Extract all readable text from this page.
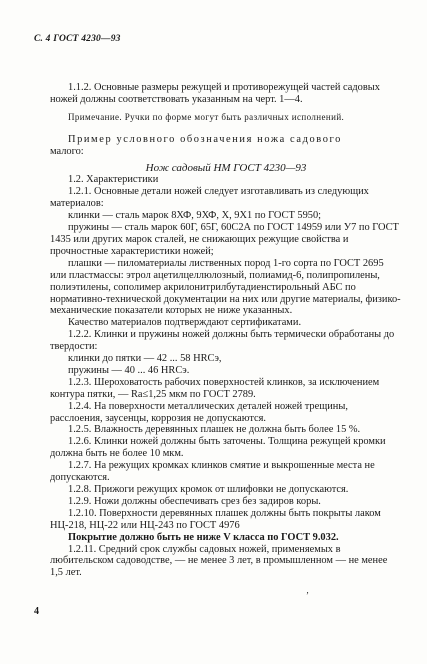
С. 4 ГОСТ 4230—93

1.1.2. Основные размеры режущей и противорежущей частей садовых ножей должны соответствовать указанным на черт. 1—4.

Примечание. Ручки по форме могут быть различных исполнений.

Пример условного обозначения ножа садового

малого:

Нож садовый НМ ГОСТ 4230—93

1.2. Характеристики

1.2.1. Основные детали ножей следует изготавливать из следующих материалов:

клинки — сталь марок 8ХФ, 9ХФ, Х, 9Х1 по ГОСТ 5950;

пружины — сталь марок 60Г, 65Г, 60С2А по ГОСТ 14959 или У7 по ГОСТ 1435 или других марок сталей, не снижающих режущие свойства и прочностные характеристики ножей;

плашки — пиломатериалы лиственных пород 1-го сорта по ГОСТ 2695 или пластмассы: этрол ацетилцеллюлозный, полиамид-6, полипропилены, полиэтилены, сополимер акрилонитрилбутадиенстирольный АБС по нормативно-технической документации на них или другие материалы, физико-механические показатели которых не ниже указанных.

Качество материалов подтверждают сертификатами.

1.2.2. Клинки и пружины ножей должны быть термически обработаны до твердости:

клинки до пятки — 42 ... 58 HRCэ,

пружины — 40 ... 46 HRCэ.

1.2.3. Шероховатость рабочих поверхностей клинков, за исключением контура пятки, — Ra≤1,25 мкм по ГОСТ 2789.

1.2.4. На поверхности металлических деталей ножей трещины, расслоения, заусенцы, коррозия не допускаются.

1.2.5. Влажность деревянных плашек не должна быть более 15 %.

1.2.6. Клинки ножей должны быть заточены. Толщина режущей кромки должна быть не более 10 мкм.

1.2.7. На режущих кромках клинков смятие и выкрошенные места не допускаются.

1.2.8. Прижоги режущих кромок от шлифовки не допускаются.

1.2.9. Ножи должны обеспечивать срез без задиров коры.

1.2.10. Поверхности деревянных плашек должны быть покрыты лаком НЦ-218, НЦ-22 или НЦ-243 по ГОСТ 4976

Покрытие должно быть не ниже V класса по ГОСТ 9.032.

1.2.11. Средний срок службы садовых ножей, применяемых в любительском садоводстве, — не менее 3 лет, в промышленном — не менее 1,5 лет.

‚
4
